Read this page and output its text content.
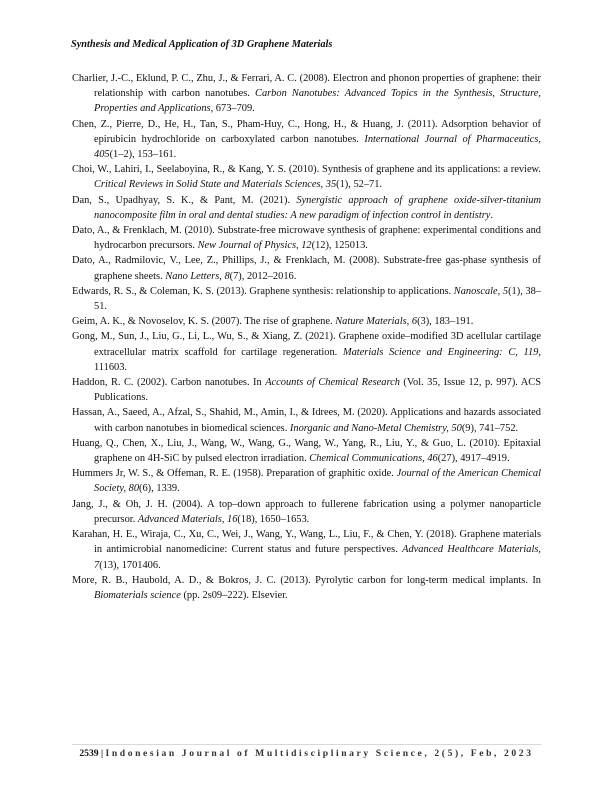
Synthesis and Medical Application of 3D Graphene Materials

Charlier, J.-C., Eklund, P. C., Zhu, J., & Ferrari, A. C. (2008). Electron and phonon properties of graphene: their relationship with carbon nanotubes. Carbon Nanotubes: Advanced Topics in the Synthesis, Structure, Properties and Applications, 673–709.

Chen, Z., Pierre, D., He, H., Tan, S., Pham-Huy, C., Hong, H., & Huang, J. (2011). Adsorption behavior of epirubicin hydrochloride on carboxylated carbon nanotubes. International Journal of Pharmaceutics, 405(1–2), 153–161.

Choi, W., Lahiri, I., Seelaboyina, R., & Kang, Y. S. (2010). Synthesis of graphene and its applications: a review. Critical Reviews in Solid State and Materials Sciences, 35(1), 52–71.

Dan, S., Upadhyay, S. K., & Pant, M. (2021). Synergistic approach of graphene oxide-silver-titanium nanocomposite film in oral and dental studies: A new paradigm of infection control in dentistry.

Dato, A., & Frenklach, M. (2010). Substrate-free microwave synthesis of graphene: experimental conditions and hydrocarbon precursors. New Journal of Physics, 12(12), 125013.

Dato, A., Radmilovic, V., Lee, Z., Phillips, J., & Frenklach, M. (2008). Substrate-free gas-phase synthesis of graphene sheets. Nano Letters, 8(7), 2012–2016.

Edwards, R. S., & Coleman, K. S. (2013). Graphene synthesis: relationship to applications. Nanoscale, 5(1), 38–51.

Geim, A. K., & Novoselov, K. S. (2007). The rise of graphene. Nature Materials, 6(3), 183–191.

Gong, M., Sun, J., Liu, G., Li, L., Wu, S., & Xiang, Z. (2021). Graphene oxide–modified 3D acellular cartilage extracellular matrix scaffold for cartilage regeneration. Materials Science and Engineering: C, 119, 111603.

Haddon, R. C. (2002). Carbon nanotubes. In Accounts of Chemical Research (Vol. 35, Issue 12, p. 997). ACS Publications.

Hassan, A., Saeed, A., Afzal, S., Shahid, M., Amin, I., & Idrees, M. (2020). Applications and hazards associated with carbon nanotubes in biomedical sciences. Inorganic and Nano-Metal Chemistry, 50(9), 741–752.

Huang, Q., Chen, X., Liu, J., Wang, W., Wang, G., Wang, W., Yang, R., Liu, Y., & Guo, L. (2010). Epitaxial graphene on 4H-SiC by pulsed electron irradiation. Chemical Communications, 46(27), 4917–4919.

Hummers Jr, W. S., & Offeman, R. E. (1958). Preparation of graphitic oxide. Journal of the American Chemical Society, 80(6), 1339.

Jang, J., & Oh, J. H. (2004). A top–down approach to fullerene fabrication using a polymer nanoparticle precursor. Advanced Materials, 16(18), 1650–1653.

Karahan, H. E., Wiraja, C., Xu, C., Wei, J., Wang, Y., Wang, L., Liu, F., & Chen, Y. (2018). Graphene materials in antimicrobial nanomedicine: Current status and future perspectives. Advanced Healthcare Materials, 7(13), 1701406.

More, R. B., Haubold, A. D., & Bokros, J. C. (2013). Pyrolytic carbon for long-term medical implants. In Biomaterials science (pp. 2s09–222). Elsevier.

2539 | Indonesian Journal of Multidisciplinary Science, 2(5), Feb, 2023
